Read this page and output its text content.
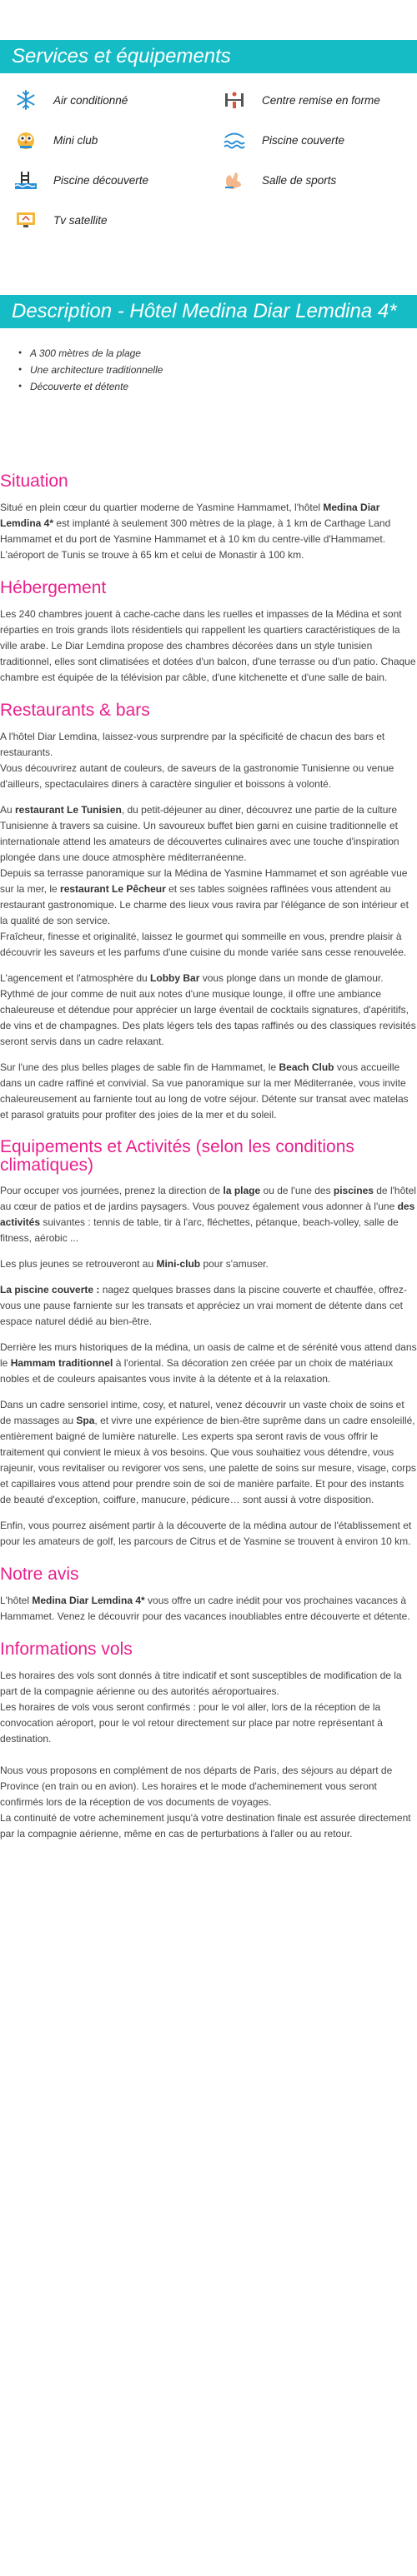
Services et équipements
Air conditionné	Centre remise en forme
Mini club	Piscine couverte
Piscine découverte	Salle de sports
Tv satellite
Description - Hôtel Medina Diar Lemdina 4*
● A 300 mètres de la plage
● Une architecture traditionnelle
● Découverte et détente
Situation

Situé en plein cœur du quartier moderne de Yasmine Hammamet, l'hôtel Medina Diar Lemdina 4* est implanté à seulement 300 mètres de la plage, à 1 km de Carthage Land Hammamet et du port de Yasmine Hammamet et à 10 km du centre-ville d'Hammamet. L'aéroport de Tunis se trouve à 65 km et celui de Monastir à 100 km.

Hébergement

Les 240 chambres jouent à cache-cache dans les ruelles et impasses de la Médina et sont réparties en trois grands îlots résidentiels qui rappellent les quartiers caractéristiques de la ville arabe. Le Diar Lemdina propose des chambres décorées dans un style tunisien traditionnel, elles sont climatisées et dotées d'un balcon, d'une terrasse ou d'un patio. Chaque chambre est équipée de la télévision par câble, d'une kitchenette et d'une salle de bain.

Restaurants & bars

A l'hôtel Diar Lemdina, laissez-vous surprendre par la spécificité de chacun des bars et restaurants.

Vous découvrirez autant de couleurs, de saveurs de la gastronomie Tunisienne ou venue d'ailleurs, spectaculaires diners à caractère singulier et boissons à volonté.

Au restaurant Le Tunisien, du petit-déjeuner au diner, découvrez une partie de la culture Tunisienne à travers sa cuisine. Un savoureux buffet bien garni en cuisine traditionnelle et internationale attend les amateurs de découvertes culinaires avec une touche d'inspiration plongée dans une douce atmosphère méditerranéenne.

Depuis sa terrasse panoramique sur la Médina de Yasmine Hammamet et son agréable vue sur la mer, le restaurant Le Pêcheur et ses tables soignées raffinées vous attendent au restaurant gastronomique. Le charme des lieux vous ravira par l'élégance de son intérieur et la qualité de son service.

Fraîcheur, finesse et originalité, laissez le gourmet qui sommeille en vous, prendre plaisir à découvrir les saveurs et les parfums d'une cuisine du monde variée sans cesse renouvelée.

L'agencement et l'atmosphère du Lobby Bar vous plonge dans un monde de glamour. Rythmé de jour comme de nuit aux notes d'une musique lounge, il offre une ambiance chaleureuse et détendue pour apprécier un large éventail de cocktails signatures, d'apéritifs, de vins et de champagnes. Des plats légers tels des tapas raffinés ou des classiques revisités seront servis dans un cadre relaxant.

Sur l'une des plus belles plages de sable fin de Hammamet, le Beach Club vous accueille dans un cadre raffiné et convivial. Sa vue panoramique sur la mer Méditerranée, vous invite chaleureusement au farniente tout au long de votre séjour. Détente sur transat avec matelas et parasol gratuits pour profiter des joies de la mer et du soleil.

Equipements et Activités (selon les conditions climatiques)

Pour occuper vos journées, prenez la direction de la plage ou de l'une des piscines de l'hôtel au cœur de patios et de jardins paysagers. Vous pouvez également vous adonner à l'une des activités suivantes : tennis de table, tir à l'arc, fléchettes, pétanque, beach-volley, salle de fitness, aérobic ...

Les plus jeunes se retrouveront au Mini-club pour s'amuser.

La piscine couverte : nagez quelques brasses dans la piscine couverte et chauffée, offrez-vous une pause farniente sur les transats et appréciez un vrai moment de détente dans cet espace naturel dédié au bien-être.

Derrière les murs historiques de la médina, un oasis de calme et de sérénité vous attend dans le Hammam traditionnel à l'oriental. Sa décoration zen créée par un choix de matériaux nobles et de couleurs apaisantes vous invite à la détente et à la relaxation.

Dans un cadre sensoriel intime, cosy, et naturel, venez découvrir un vaste choix de soins et de massages au Spa, et vivre une expérience de bien-être suprême dans un cadre ensoleillé, entièrement baigné de lumière naturelle. Les experts spa seront ravis de vous offrir le traitement qui convient le mieux à vos besoins. Que vous souhaitiez vous détendre, vous rajeunir, vous revitaliser ou revigorer vos sens, une palette de soins sur mesure, visage, corps et capillaires vous attend pour prendre soin de soi de manière parfaite. Et pour des instants de beauté d'exception, coiffure, manucure, pédicure… sont aussi à votre disposition.

Enfin, vous pourrez aisément partir à la découverte de la médina autour de l'établissement et pour les amateurs de golf, les parcours de Citrus et de Yasmine se trouvent à environ 10 km.

Notre avis

L'hôtel Medina Diar Lemdina 4* vous offre un cadre inédit pour vos prochaines vacances à Hammamet. Venez le découvrir pour des vacances inoubliables entre découverte et détente.

Informations vols

Les horaires des vols sont donnés à titre indicatif et sont susceptibles de modification de la part de la compagnie aérienne ou des autorités aéroportuaires.

Les horaires de vols vous seront confirmés : pour le vol aller, lors de la réception de la convocation aéroport, pour le vol retour directement sur place par notre représentant à destination.

Nous vous proposons en complément de nos départs de Paris, des séjours au départ de Province (en train ou en avion). Les horaires et le mode d'acheminement vous seront confirmés lors de la réception de vos documents de voyages.

La continuité de votre acheminement jusqu'à votre destination finale est assurée directement par la compagnie aérienne, même en cas de perturbations à l'aller ou au retour.
